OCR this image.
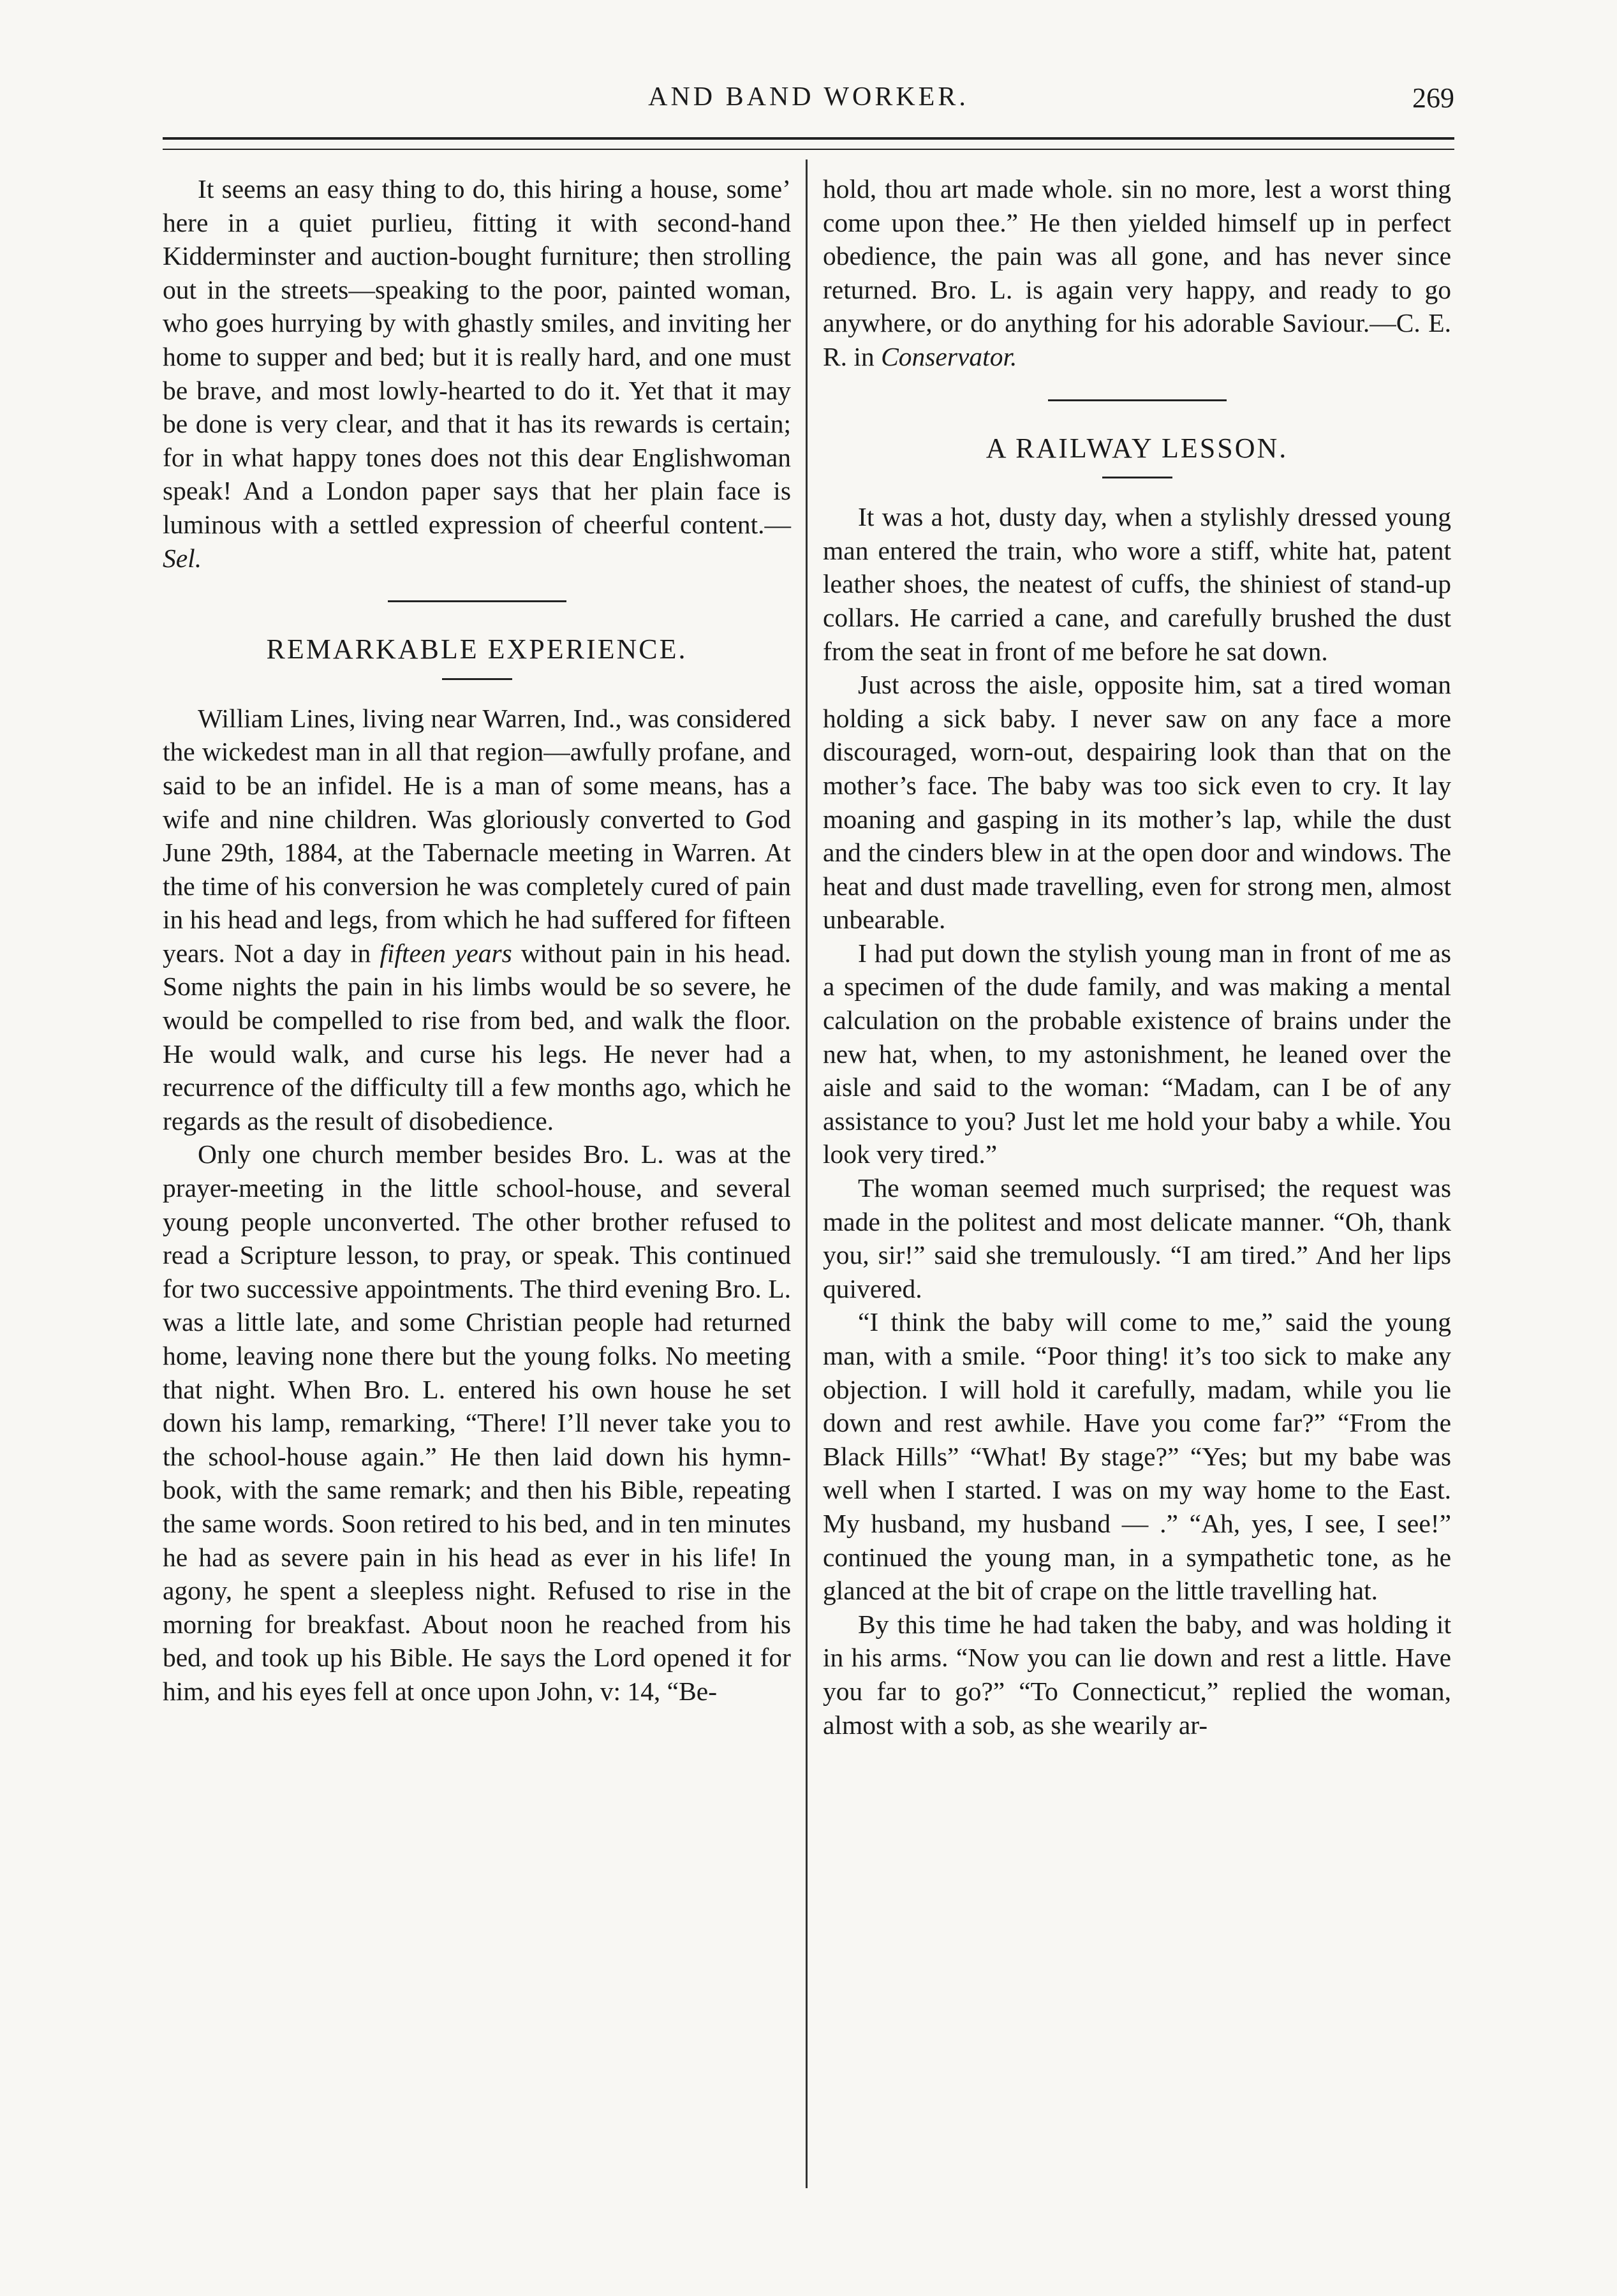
AND BAND WORKER.	269

It seems an easy thing to do, this hiring a house, some’ here in a quiet purlieu, fitting it with second-hand Kidderminster and auction-bought furniture; then strolling out in the streets—speaking to the poor, painted woman, who goes hurrying by with ghastly smiles, and inviting her home to supper and bed; but it is really hard, and one must be brave, and most lowly-hearted to do it. Yet that it may be done is very clear, and that it has its rewards is certain; for in what happy tones does not this dear Englishwoman speak! And a London paper says that her plain face is luminous with a settled expression of cheerful content.—Sel.

REMARKABLE EXPERIENCE.

William Lines, living near Warren, Ind., was considered the wickedest man in all that region—awfully profane, and said to be an infidel. He is a man of some means, has a wife and nine children. Was gloriously converted to God June 29th, 1884, at the Tabernacle meeting in Warren. At the time of his conversion he was completely cured of pain in his head and legs, from which he had suffered for fifteen years. Not a day in fifteen years without pain in his head. Some nights the pain in his limbs would be so severe, he would be compelled to rise from bed, and walk the floor. He would walk, and curse his legs. He never had a recurrence of the difficulty till a few months ago, which he regards as the result of disobedience.

Only one church member besides Bro. L. was at the prayer-meeting in the little school-house, and several young people unconverted. The other brother refused to read a Scripture lesson, to pray, or speak. This continued for two successive appointments. The third evening Bro. L. was a little late, and some Christian people had returned home, leaving none there but the young folks. No meeting that night. When Bro. L. entered his own house he set down his lamp, remarking, “There! I’ll never take you to the school-house again.” He then laid down his hymn-book, with the same remark; and then his Bible, repeating the same words. Soon retired to his bed, and in ten minutes he had as severe pain in his head as ever in his life! In agony, he spent a sleepless night. Refused to rise in the morning for breakfast. About noon he reached from his bed, and took up his Bible. He says the Lord opened it for him, and his eyes fell at once upon John, v: 14, “Be-

hold, thou art made whole. sin no more, lest a worst thing come upon thee.” He then yielded himself up in perfect obedience, the pain was all gone, and has never since returned. Bro. L. is again very happy, and ready to go anywhere, or do anything for his adorable Saviour.—C. E. R. in Conservator.

A RAILWAY LESSON.

It was a hot, dusty day, when a stylishly dressed young man entered the train, who wore a stiff, white hat, patent leather shoes, the neatest of cuffs, the shiniest of stand-up collars. He carried a cane, and carefully brushed the dust from the seat in front of me before he sat down.

Just across the aisle, opposite him, sat a tired woman holding a sick baby. I never saw on any face a more discouraged, worn-out, despairing look than that on the mother’s face. The baby was too sick even to cry. It lay moaning and gasping in its mother’s lap, while the dust and the cinders blew in at the open door and windows. The heat and dust made travelling, even for strong men, almost unbearable.

I had put down the stylish young man in front of me as a specimen of the dude family, and was making a mental calculation on the probable existence of brains under the new hat, when, to my astonishment, he leaned over the aisle and said to the woman: “Madam, can I be of any assistance to you? Just let me hold your baby a while. You look very tired.”

The woman seemed much surprised; the request was made in the politest and most delicate manner. “Oh, thank you, sir!” said she tremulously. “I am tired.” And her lips quivered.

“I think the baby will come to me,” said the young man, with a smile. “Poor thing! it’s too sick to make any objection. I will hold it carefully, madam, while you lie down and rest awhile. Have you come far?” “From the Black Hills” “What! By stage?” “Yes; but my babe was well when I started. I was on my way home to the East. My husband, my husband — .” “Ah, yes, I see, I see!” continued the young man, in a sympathetic tone, as he glanced at the bit of crape on the little travelling hat.

By this time he had taken the baby, and was holding it in his arms. “Now you can lie down and rest a little. Have you far to go?” “To Connecticut,” replied the woman, almost with a sob, as she wearily ar-
